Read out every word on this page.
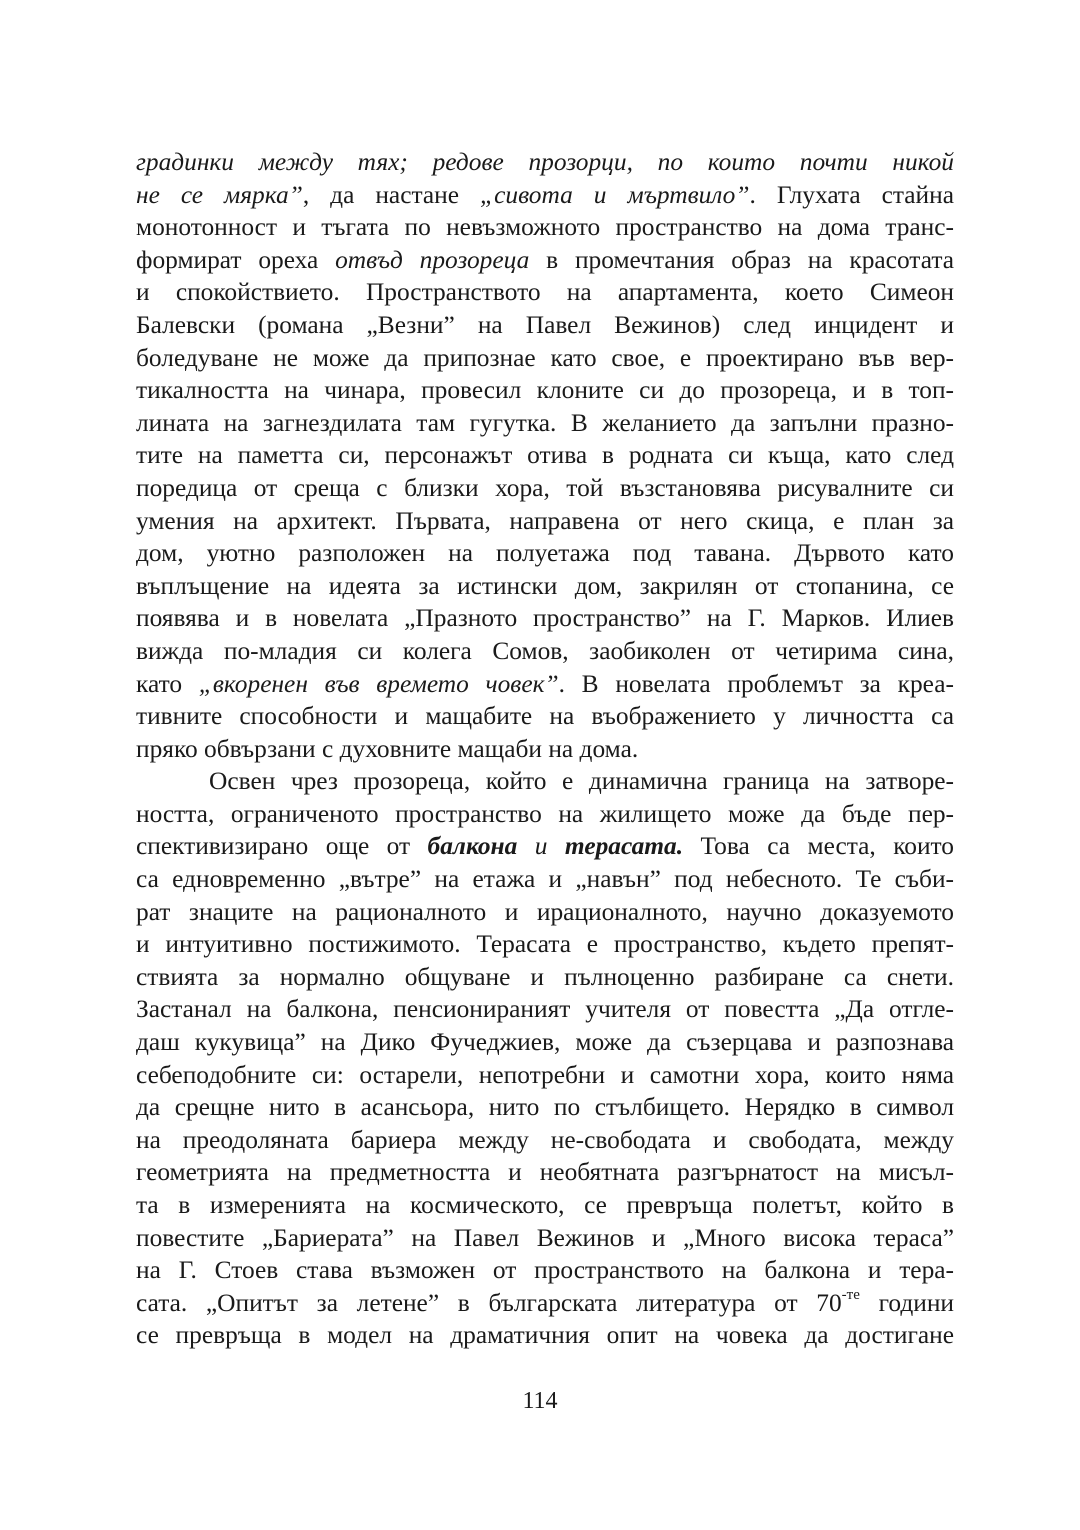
градинки между тях; редове прозорци, по които почти никой
не се мярка”, да настане „сивота и мъртвило”. Глухата стайна
монотонност и тъгата по невъзможното пространство на дома транс-
формират ореха отвъд прозореца в промечтания образ на красотата
и спокойствието. Пространството на апартамента, което Симеон
Балевски (романа „Везни” на Павел Вежинов) след инцидент и
боледуване не може да припознае като свое, е проектирано във вер-
тикалността на чинара, провесил клоните си до прозореца, и в топ-
лината на загнездилата там гугутка. В желанието да запълни празно-
тите на паметта си, персонажът отива в родната си къща, като след
поредица от среща с близки хора, той възстановява рисувалните си
умения на архитект. Първата, направена от него скица, е план за
дом, уютно разположен на полуетажа под тавана. Дървото като
въплъщение на идеята за истински дом, закрилян от стопанина, се
появява и в новелата „Празното пространство” на Г. Марков. Илиев
вижда по-младия си колега Сомов, заобиколен от четирима сина,
като „вкоренен във времето човек”. В новелата проблемът за креа-
тивните способности и мащабите на въображението у личността са
пряко обвързани с духовните мащаби на дома.
Освен чрез прозореца, който е динамична граница на затворе-
ността, ограниченото пространство на жилището може да бъде пер-
спективизирано още от балкона и терасата. Това са места, които
са едновременно „вътре” на етажа и „навън” под небесното. Те съби-
рат знаците на рационалното и ирационалното, научно доказуемото
и интуитивно постижимото. Терасата е пространство, където препят-
ствията за нормално общуване и пълноценно разбиране са снети.
Застанал на балкона, пенсионираният учителя от повестта „Да отгле-
даш кукувица” на Дико Фучеджиев, може да съзерцава и разпознава
себеподобните си: остарели, непотребни и самотни хора, които няма
да срещне нито в асансьора, нито по стълбището. Нерядко в символ
на преодоляната бариера между не-свободата и свободата, между
геометрията на предметността и необятната разгърнатост на мисъл-
та в измеренията на космическото, се превръща полетът, който в
повестите „Бариерата” на Павел Вежинов и „Много висока тераса”
на Г. Стоев става възможен от пространството на балкона и тера-
сата. „Опитът за летене” в българската литература от $70^{-те}$ години
се превръща в модел на драматичния опит на човека да достигане
114
